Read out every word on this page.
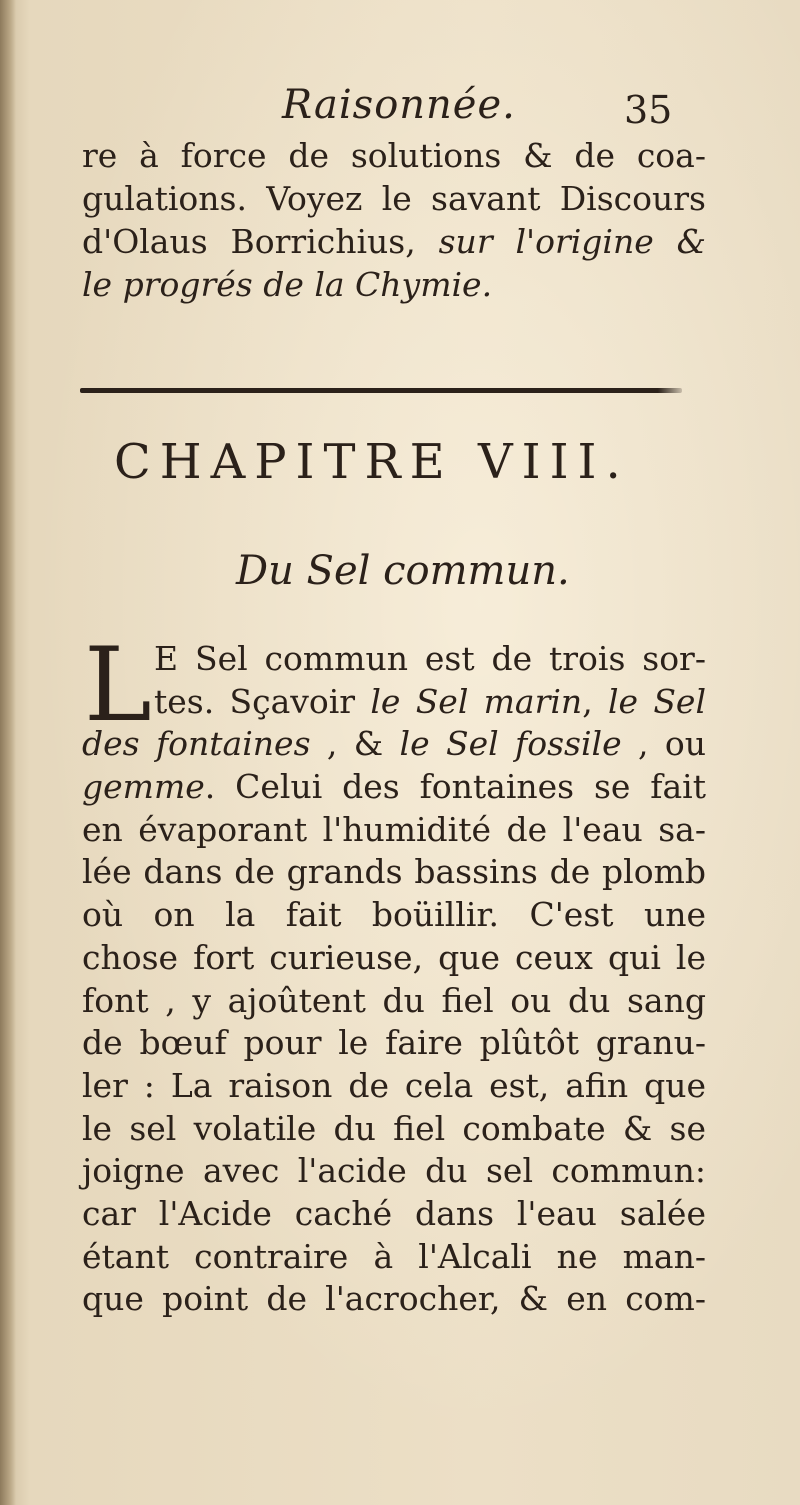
Raisonnée.	35
re à force de solutions & de coa-
gulations. Voyez le savant Discours
d'Olaus Borrichius, sur l'origine &
le progrés de la Chymie.
CHAPITRE VIII.
Du Sel commun.
L E Sel commun est de trois sor-
tes. Sçavoir le Sel marin, le Sel
des fontaines , & le Sel fossile , ou
gemme. Celui des fontaines se fait
en évaporant l'humidité de l'eau sa-
lée dans de grands bassins de plomb
où on la fait boüillir. C'est une
chose fort curieuse, que ceux qui le
font , y ajoûtent du fiel ou du sang
de bœuf pour le faire plûtôt granu-
ler : La raison de cela est, afin que
le sel volatile du fiel combate & se
joigne avec l'acide du sel commun:
car l'Acide caché dans l'eau salée
étant contraire à l'Alcali ne man-
que point de l'acrocher, & en com-
